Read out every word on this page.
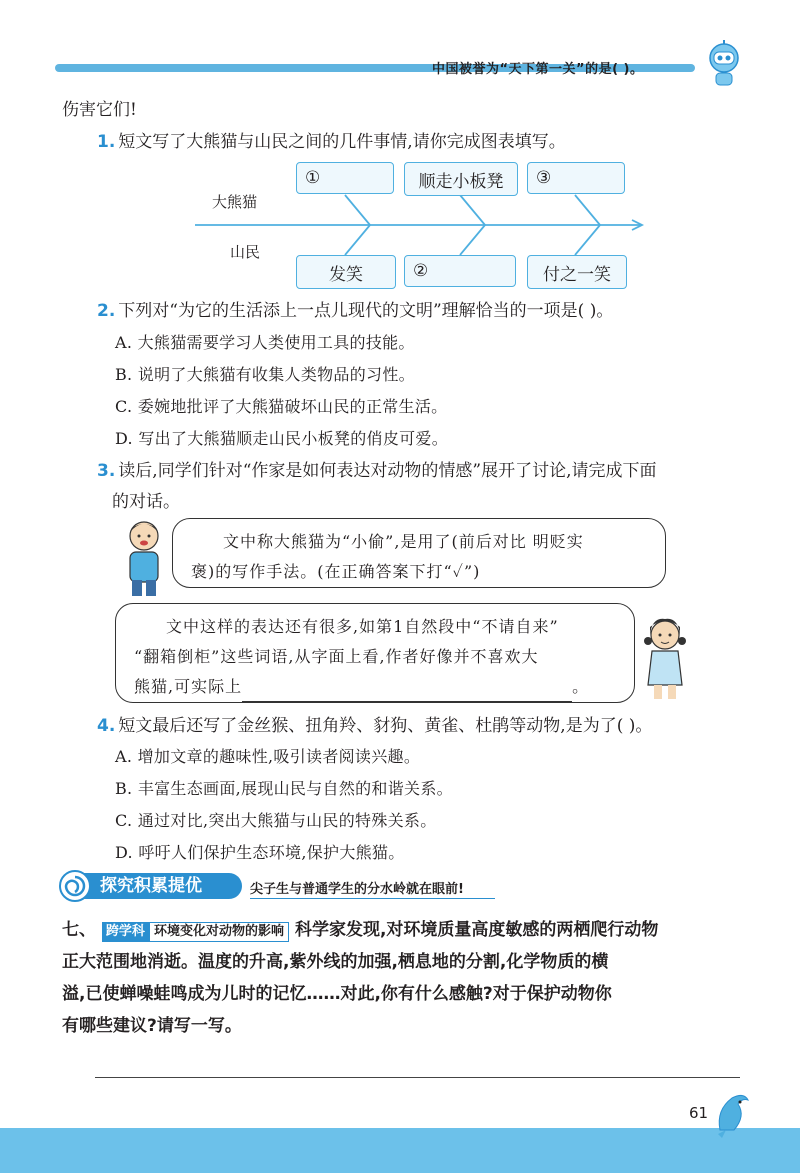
中国被誉为“天下第一关”的是( )。
伤害它们!
1. 短文写了大熊猫与山民之间的几件事情,请你完成图表填写。
大熊猫
山民
①	顺走小板凳	③
发笑	②	付之一笑
2. 下列对“为它的生活添上一点儿现代的文明”理解恰当的一项是( )。
A. 大熊猫需要学习人类使用工具的技能。
B. 说明了大熊猫有收集人类物品的习性。
C. 委婉地批评了大熊猫破坏山民的正常生活。
D. 写出了大熊猫顺走山民小板凳的俏皮可爱。
3. 读后,同学们针对“作家是如何表达对动物的情感”展开了讨论,请完成下面
的对话。
文中称大熊猫为“小偷”,是用了(前后对比 明贬实
褒)的写作手法。(在正确答案下打“✓”)
文中这样的表达还有很多,如第1自然段中“不请自来”
“翻箱倒柜”这些词语,从字面上看,作者好像并不喜欢大
熊猫,可实际上	。
4. 短文最后还写了金丝猴、扭角羚、豺狗、黄雀、杜鹃等动物,是为了( )。
A. 增加文章的趣味性,吸引读者阅读兴趣。
B. 丰富生态画面,展现山民与自然的和谐关系。
C. 通过对比,突出大熊猫与山民的特殊关系。
D. 呼吁人们保护生态环境,保护大熊猫。
探究积累提优	尖子生与普通学生的分水岭就在眼前!
七、 跨学科 环境变化对动物的影响 科学家发现,对环境质量高度敏感的两栖爬行动物
正大范围地消逝。温度的升高,紫外线的加强,栖息地的分割,化学物质的横
溢,已使蝉噪蛙鸣成为儿时的记忆……对此,你有什么感触?对于保护动物你
有哪些建议?请写一写。
61
